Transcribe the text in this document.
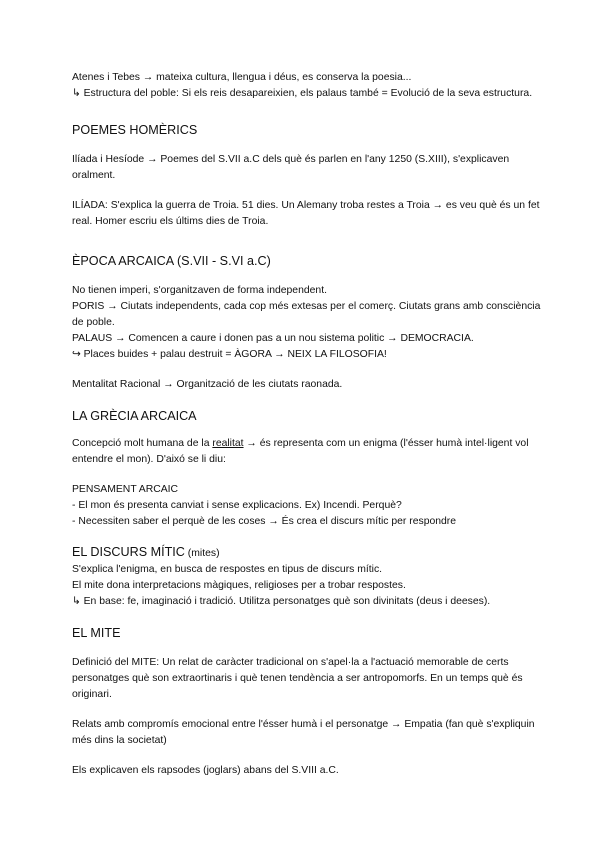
Atenes i Tebes → mateixa cultura, llengua i déus, es conserva la poesia...

↳ Estructura del poble: Si els reis desapareixien, els palaus també = Evolució de la seva estructura.

POEMES HOMÈRICS

Ilíada i Hesíode → Poemes del S.VII a.C dels què és parlen en l'any 1250 (S.XIII), s'explicaven oralment.

ILÍADA: S'explica la guerra de Troia. 51 dies. Un Alemany troba restes a Troia → es veu què és un fet real. Homer escriu els últims dies de Troia.

ÈPOCA ARCAICA (S.VII - S.VI a.C)

No tienen imperi, s'organitzaven de forma independent.

PORIS → Ciutats independents, cada cop més extesas per el comerç. Ciutats grans amb consciència de poble.

PALAUS → Comencen a caure i donen pas a un nou sistema politic → DEMOCRACIA.

↪ Places buides + palau destruit = ÀGORA → NEIX LA FILOSOFIA!

Mentalitat Racional → Organització de les ciutats raonada.

LA GRÈCIA ARCAICA

Concepció molt humana de la realitat → és representa com un enigma (l'ésser humà intel·ligent vol entendre el mon). D'aixó se li diu:

PENSAMENT ARCAIC

- El mon és presenta canviat i sense explicacions. Ex) Incendi. Perquè?

- Necessiten saber el perquè de les coses → És crea el discurs mític per respondre

EL DISCURS MÍTIC (mites)

S'explica l'enigma, en busca de respostes en tipus de discurs mític.

El mite dona interpretacions màgiques, religioses per a trobar respostes.

↳ En base: fe, imaginació i tradició. Utilitza personatges què son divinitats (deus i deeses).

EL MITE

Definició del MITE: Un relat de caràcter tradicional on s'apel·la a l'actuació memorable de certs personatges què son extraortinaris i què tenen tendència a ser antropomorfs. En un temps què és originari.

Relats amb compromís emocional entre l'ésser humà i el personatge → Empatia (fan què s'expliquin més dins la societat)

Els explicaven els rapsodes (joglars) abans del S.VIII a.C.
